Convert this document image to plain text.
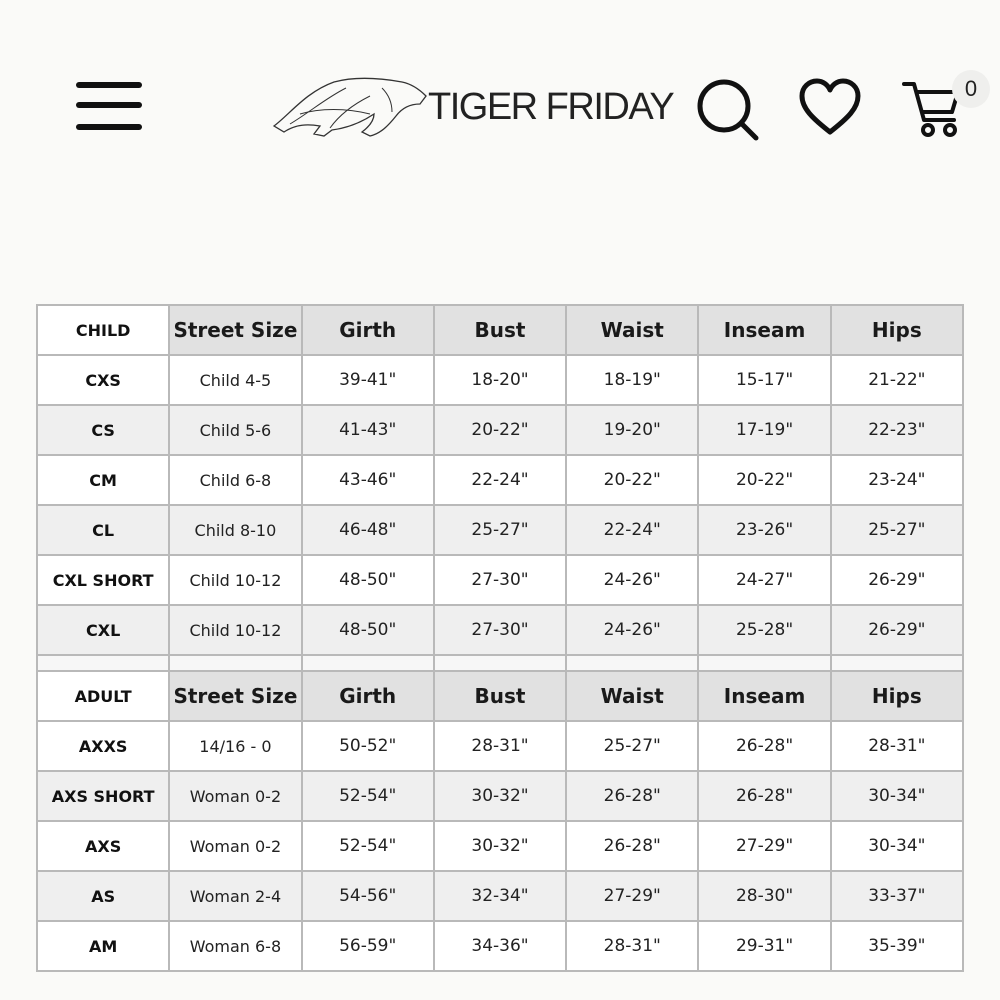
TIGER FRIDAY	0
CHILD	Street Size	Girth	Bust	Waist	Inseam	Hips
CXS	Child 4-5	39-41"	18-20"	18-19"	15-17"	21-22"
CS	Child 5-6	41-43"	20-22"	19-20"	17-19"	22-23"
CM	Child 6-8	43-46"	22-24"	20-22"	20-22"	23-24"
CL	Child 8-10	46-48"	25-27"	22-24"	23-26"	25-27"
CXL SHORT	Child 10-12	48-50"	27-30"	24-26"	24-27"	26-29"
CXL	Child 10-12	48-50"	27-30"	24-26"	25-28"	26-29"

ADULT	Street Size	Girth	Bust	Waist	Inseam	Hips
AXXS	14/16 - 0	50-52"	28-31"	25-27"	26-28"	28-31"
AXS SHORT	Woman 0-2	52-54"	30-32"	26-28"	26-28"	30-34"
AXS	Woman 0-2	52-54"	30-32"	26-28"	27-29"	30-34"
AS	Woman 2-4	54-56"	32-34"	27-29"	28-30"	33-37"
AM	Woman 6-8	56-59"	34-36"	28-31"	29-31"	35-39"
